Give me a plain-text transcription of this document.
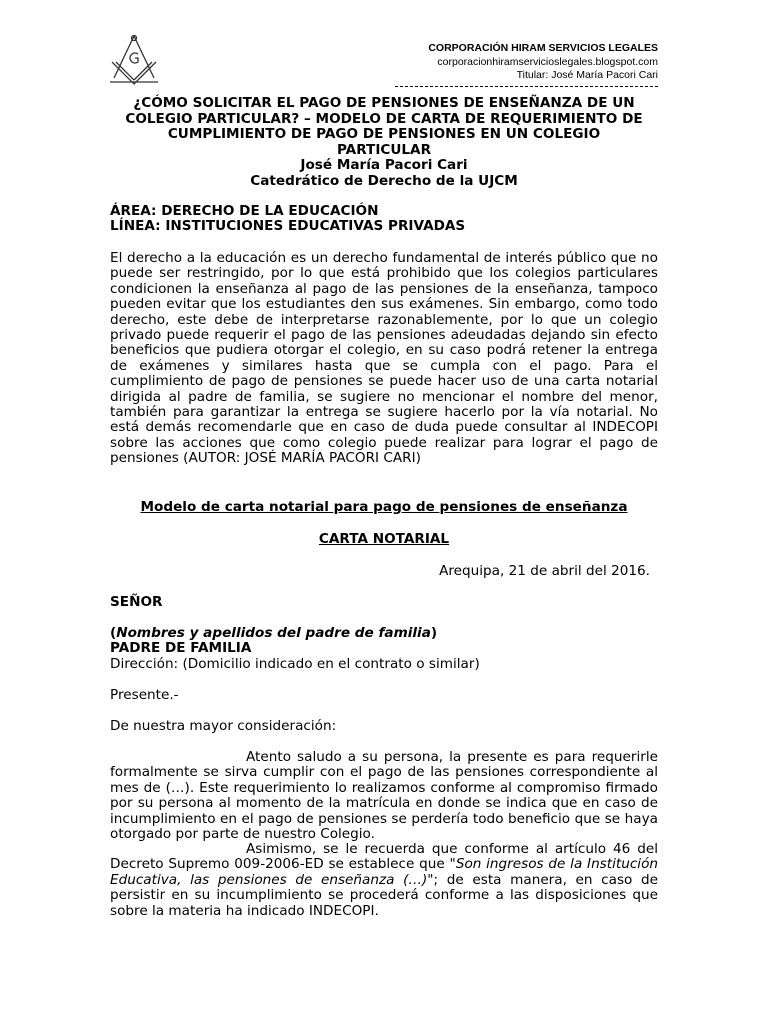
CORPORACIÓN HIRAM SERVICIOS LEGALES
corporacionhiramservicioslegales.blogspot.com
Titular: José María Pacori Cari
¿CÓMO SOLICITAR EL PAGO DE PENSIONES DE ENSEÑANZA DE UN
COLEGIO PARTICULAR? – MODELO DE CARTA DE REQUERIMIENTO DE
CUMPLIMIENTO DE PAGO DE PENSIONES EN UN COLEGIO
PARTICULAR
José María Pacori Cari
Catedrático de Derecho de la UJCM
ÁREA: DERECHO DE LA EDUCACIÓN
LÍNEA: INSTITUCIONES EDUCATIVAS PRIVADAS
El derecho a la educación es un derecho fundamental de interés público que no puede ser restringido, por lo que está prohibido que los colegios particulares condicionen la enseñanza al pago de las pensiones de la enseñanza, tampoco pueden evitar que los estudiantes den sus exámenes. Sin embargo, como todo derecho, este debe de interpretarse razonablemente, por lo que un colegio privado puede requerir el pago de las pensiones adeudadas dejando sin efecto beneficios que pudiera otorgar el colegio, en su caso podrá retener la entrega de exámenes y similares hasta que se cumpla con el pago. Para el cumplimiento de pago de pensiones se puede hacer uso de una carta notarial dirigida al padre de familia, se sugiere no mencionar el nombre del menor, también para garantizar la entrega se sugiere hacerlo por la vía notarial. No está demás recomendarle que en caso de duda puede consultar al INDECOPI sobre las acciones que como colegio puede realizar para lograr el pago de pensiones (AUTOR: JOSÉ MARÍA PACORI CARI)
Modelo de carta notarial para pago de pensiones de enseñanza
CARTA NOTARIAL
Arequipa, 21 de abril del 2016.
SEÑOR
(Nombres y apellidos del padre de familia)
PADRE DE FAMILIA
Dirección: (Domicilio indicado en el contrato o similar)
Presente.-
De nuestra mayor consideración:
Atento saludo a su persona, la presente es para requerirle formalmente se sirva cumplir con el pago de las pensiones correspondiente al mes de (…). Este requerimiento lo realizamos conforme al compromiso firmado por su persona al momento de la matrícula en donde se indica que en caso de incumplimiento en el pago de pensiones se perdería todo beneficio que se haya otorgado por parte de nuestro Colegio.
Asimismo, se le recuerda que conforme al artículo 46 del Decreto Supremo 009-2006-ED se establece que "Son ingresos de la Institución Educativa, las pensiones de enseñanza (…)"; de esta manera, en caso de persistir en su incumplimiento se procederá conforme a las disposiciones que sobre la materia ha indicado INDECOPI.
